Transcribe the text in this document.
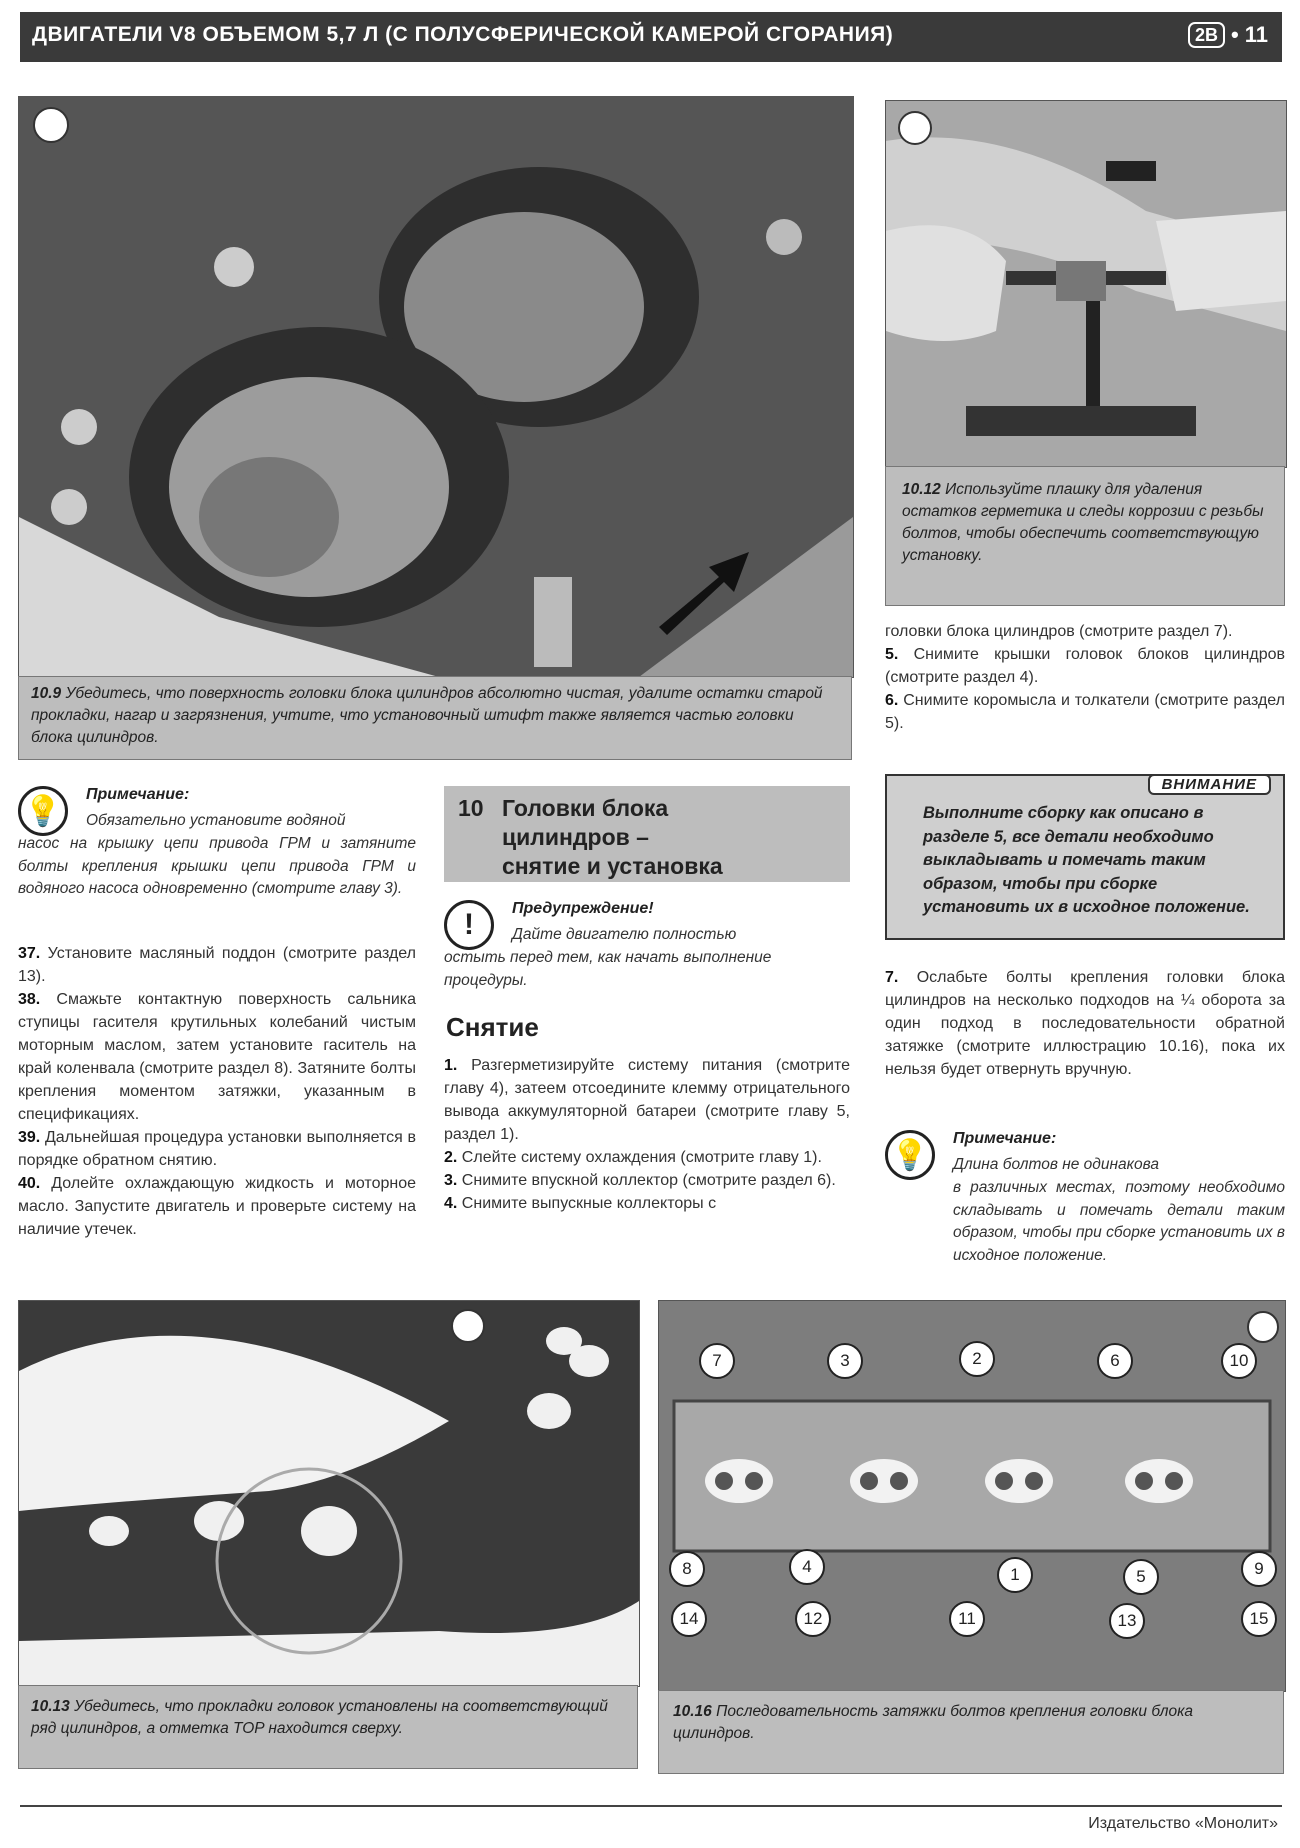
ДВИГАТЕЛИ V8 ОБЪЕМОМ 5,7 Л (С ПОЛУСФЕРИЧЕСКОЙ КАМЕРОЙ СГОРАНИЯ)	2B • 11
10.9 Убедитесь, что поверхность головки блока цилиндров абсолютно чистая, удалите остатки старой прокладки, нагар и загрязнения, учтите, что установочный штифт также является частью головки блока цилиндров.
10.12 Используйте плашку для удаления остатков герметика и следы коррозии с резьбы болтов, чтобы обеспечить соответствующую установку.

головки блока цилиндров (смотрите раздел 7).

5. Снимите крышки головок блоков цилиндров (смотрите раздел 4).

6. Снимите коромысла и толкатели (смотрите раздел 5).

💡	Примечание:
Обязательно установите водяной
насос на крышку цепи привода ГРМ и затяните болты крепления крышки цепи привода ГРМ и водяного насоса одновременно (смотрите главу 3).

37. Установите масляный поддон (смотрите раздел 13).

38. Смажьте контактную поверхность сальника ступицы гасителя крутильных колебаний чистым моторным маслом, затем установите гаситель на край коленвала (смотрите раздел 8). Затяните болты крепления моментом затяжки, указанным в спецификациях.

39. Дальнейшая процедура установки выполняется в порядке обратном снятию.

40. Долейте охлаждающую жидкость и моторное масло. Запустите двигатель и проверьте систему на наличие утечек.

10 Головки блока
цилиндров –
снятие и установка
!	Предупреждение!
Дайте двигателю полностью
остыть перед тем, как начать выполнение процедуры.
Снятие

1. Разгерметизируйте систему питания (смотрите главу 4), затеем отсоедините клемму отрицательного вывода аккумуляторной батареи (смотрите главу 5, раздел 1).

2. Слейте систему охлаждения (смотрите главу 1).

3. Снимите впускной коллектор (смотрите раздел 6).

4. Снимите выпускные коллекторы с

ВНИМАНИЕ
Выполните сборку как описано в разделе 5, все детали необходимо выкладывать и помечать таким образом, чтобы при сборке установить их в исходное положение.

7. Ослабьте болты крепления головки блока цилиндров на несколько подходов на ¼ оборота за один подход в последовательности обратной затяжке (смотрите иллюстрацию 10.16), пока их нельзя будет отвернуть вручную.

💡	Примечание:
Длина болтов не одинакова
в различных местах, поэтому необходимо складывать и помечать детали таким образом, чтобы при сборке установить их в исходное положение.
10.13 Убедитесь, что прокладки головок установлены на соответствующий ряд цилиндров, а отметка TOP находится сверху.
7	3	2	6	10
8	4	1	5	9
14	12	11	13	15
10.16 Последовательность затяжки болтов крепления головки блока цилиндров.
Издательство «Монолит»
